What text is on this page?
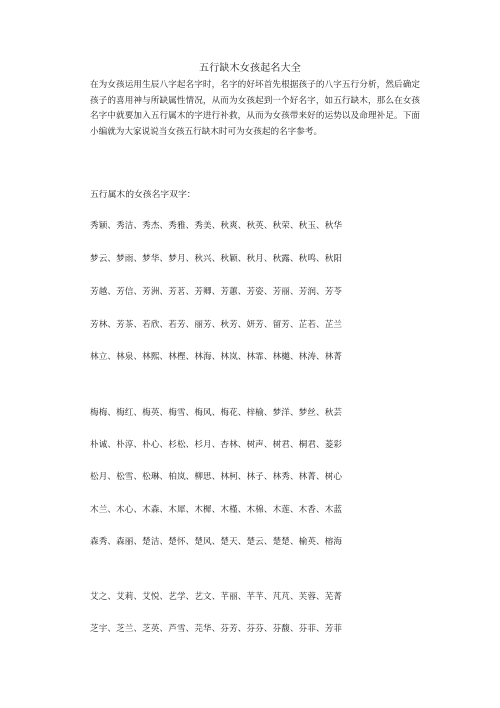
五行缺木女孩起名大全

在为女孩运用生辰八字起名字时，名字的好坏首先根据孩子的八字五行分析，然后确定孩子的喜用神与所缺属性情况，从而为女孩起到一个好名字，如五行缺木，那么在女孩名字中就要加入五行属木的字进行补救，从而为女孩带来好的运势以及命理补足。下面小编就为大家说说当女孩五行缺木时可为女孩起的名字参考。

五行属木的女孩名字双字：

秀颖、秀洁、秀杰、秀雅、秀美、秋爽、秋英、秋荣、秋玉、秋华

梦云、梦雨、梦华、梦月、秋兴、秋颖、秋月、秋露、秋鸣、秋阳

芳越、芳信、芳洲、芳茗、芳卿、芳蕙、芳姿、芳丽、芳润、芳苓

芳林、芳茶、若欣、若芳、丽芳、秋芳、妍芳、留芳、芷若、芷兰

林立、林泉、林熙、林樫、林海、林岚、林霏、林樾、林涛、林菁

梅梅、梅红、梅英、梅雪、梅风、梅花、梓榆、梦洋、梦丝、秋芸

朴诚、朴淳、朴心、杉松、杉月、杏林、树声、树君、桐君、菱彩

松月、松雪、松琳、柏岚、柳思、林柯、林子、林秀、林菁、树心

木兰、木心、木森、木犀、木樨、木槿、木棉、木莲、木香、木蓝

森秀、森丽、楚洁、楚怀、楚风、楚天、楚云、楚楚、榆英、榕海

艾之、艾莉、艾悦、艺学、艺文、芊丽、芊芊、芃芃、芙蓉、芜菁

芝宇、芝兰、芝英、芦雪、芫华、芬芳、芬芬、芬馥、芬菲、芳菲
